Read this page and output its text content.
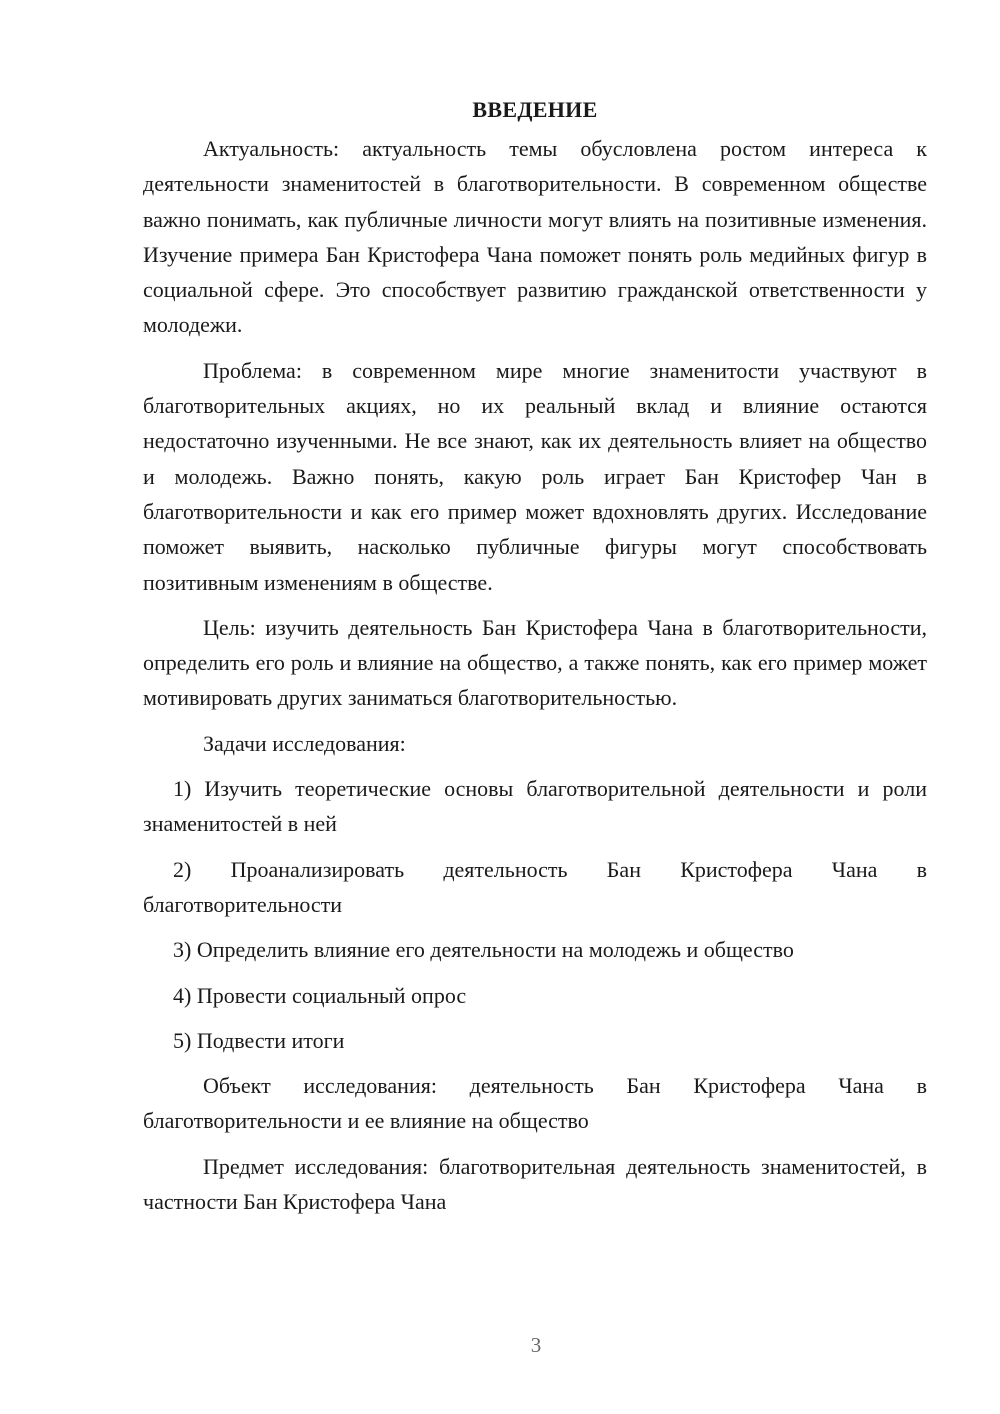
ВВЕДЕНИЕ

Актуальность: актуальность темы обусловлена ростом интереса к деятельности знаменитостей в благотворительности. В современном обществе важно понимать, как публичные личности могут влиять на позитивные изменения. Изучение примера Бан Кристофера Чана поможет понять роль медийных фигур в социальной сфере. Это способствует развитию гражданской ответственности у молодежи.

Проблема: в современном мире многие знаменитости участвуют в благотворительных акциях, но их реальный вклад и влияние остаются недостаточно изученными. Не все знают, как их деятельность влияет на общество и молодежь. Важно понять, какую роль играет Бан Кристофер Чан в благотворительности и как его пример может вдохновлять других. Исследование поможет выявить, насколько публичные фигуры могут способствовать позитивным изменениям в обществе.

Цель: изучить деятельность Бан Кристофера Чана в благотворительности, определить его роль и влияние на общество, а также понять, как его пример может мотивировать других заниматься благотворительностью.

Задачи исследования:

1) Изучить теоретические основы благотворительной деятельности и роли знаменитостей в ней

2) Проанализировать деятельность Бан Кристофера Чана в благотворительности

3) Определить влияние его деятельности на молодежь и общество

4) Провести социальный опрос

5) Подвести итоги

Объект исследования: деятельность Бан Кристофера Чана в благотворительности и ее влияние на общество

Предмет исследования: благотворительная деятельность знаменитостей, в частности Бан Кристофера Чана

3
